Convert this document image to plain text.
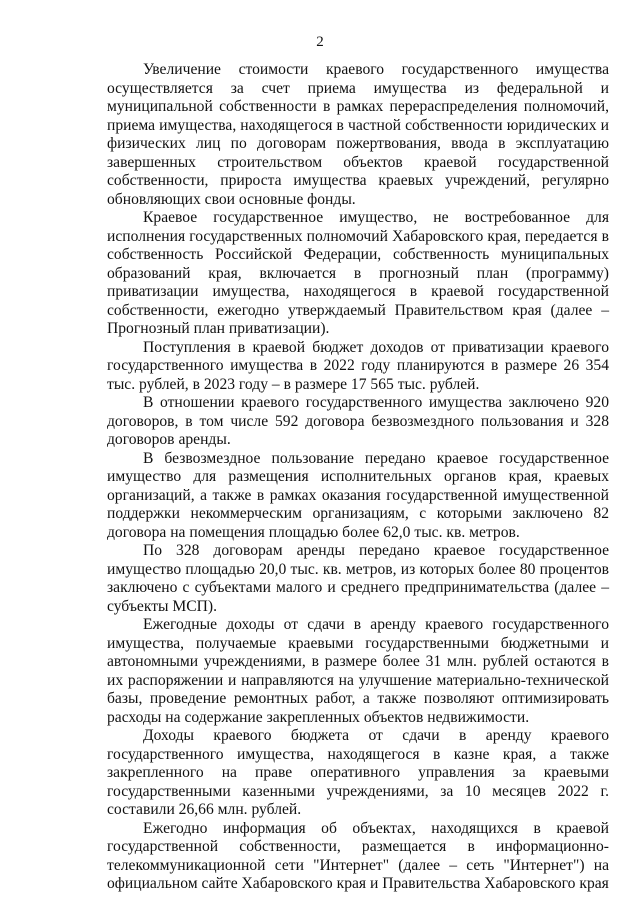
2

Увеличение стоимости краевого государственного имущества осуществляется за счет приема имущества из федеральной и муниципальной собственности в рамках перераспределения полномочий, приема имущества, находящегося в частной собственности юридических и физических лиц по договорам пожертвования, ввода в эксплуатацию завершенных строительством объектов краевой государственной собственности, прироста имущества краевых учреждений, регулярно обновляющих свои основные фонды.

Краевое государственное имущество, не востребованное для исполнения государственных полномочий Хабаровского края, передается в собственность Российской Федерации, собственность муниципальных образований края, включается в прогнозный план (программу) приватизации имущества, находящегося в краевой государственной собственности, ежегодно утверждаемый Правительством края (далее – Прогнозный план приватизации).

Поступления в краевой бюджет доходов от приватизации краевого государственного имущества в 2022 году планируются в размере 26 354 тыс. рублей, в 2023 году – в размере 17 565 тыс. рублей.

В отношении краевого государственного имущества заключено 920 договоров, в том числе 592 договора безвозмездного пользования и 328 договоров аренды.

В безвозмездное пользование передано краевое государственное имущество для размещения исполнительных органов края, краевых организаций, а также в рамках оказания государственной имущественной поддержки некоммерческим организациям, с которыми заключено 82 договора на помещения площадью более 62,0 тыс. кв. метров.

По 328 договорам аренды передано краевое государственное имущество площадью 20,0 тыс. кв. метров, из которых более 80 процентов заключено с субъектами малого и среднего предпринимательства (далее – субъекты МСП).

Ежегодные доходы от сдачи в аренду краевого государственного имущества, получаемые краевыми государственными бюджетными и автономными учреждениями, в размере более 31 млн. рублей остаются в их распоряжении и направляются на улучшение материально-технической базы, проведение ремонтных работ, а также позволяют оптимизировать расходы на содержание закрепленных объектов недвижимости.

Доходы краевого бюджета от сдачи в аренду краевого государственного имущества, находящегося в казне края, а также закрепленного на праве оперативного управления за краевыми государственными казенными учреждениями, за 10 месяцев 2022 г. составили 26,66 млн. рублей.

Ежегодно информация об объектах, находящихся в краевой государственной собственности, размещается в информационно-телекоммуникационной сети "Интернет" (далее – сеть "Интернет") на официальном сайте Хабаровского края и Правительства Хабаровского края
